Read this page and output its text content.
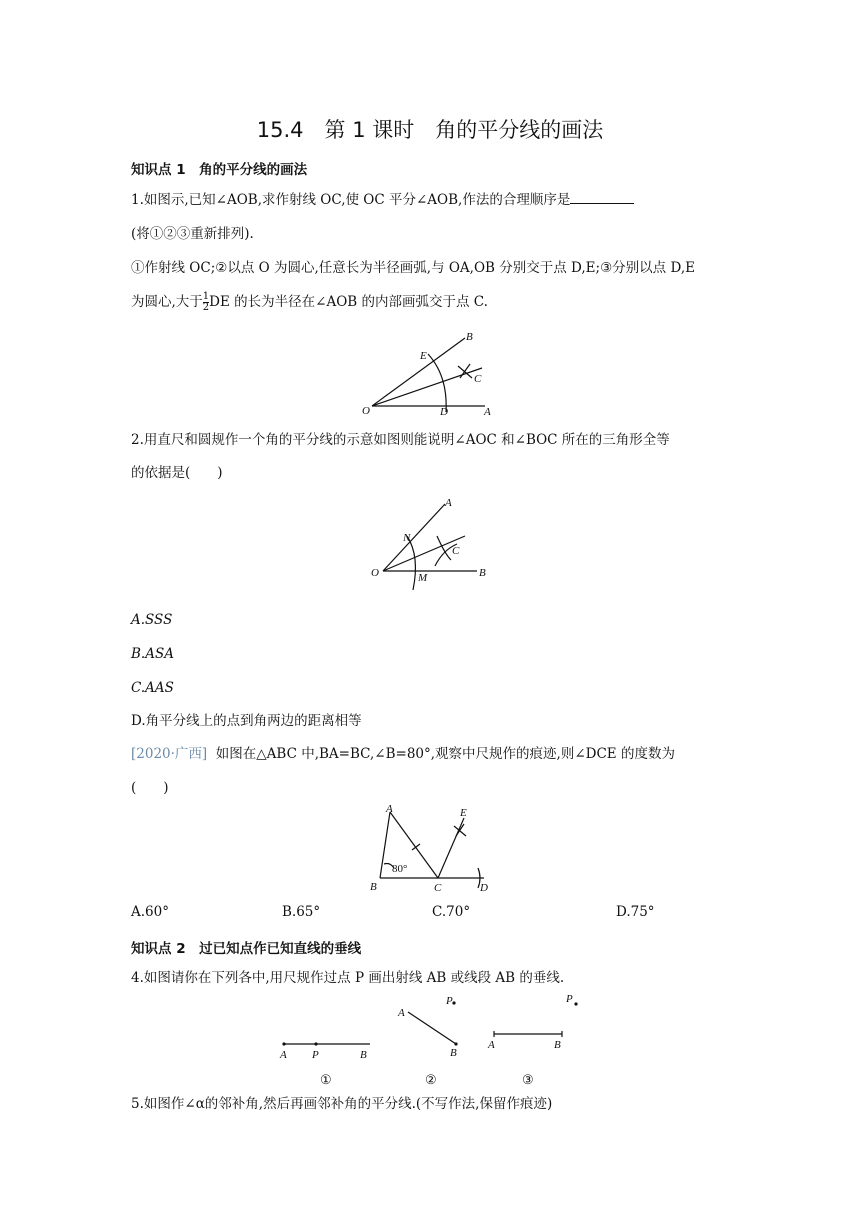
15.4　第 1 课时　角的平分线的画法
知识点 1　角的平分线的画法
1.如图示,已知∠AOB,求作射线 OC,使 OC 平分∠AOB,作法的合理顺序是
(将①②③重新排列).
①作射线 OC;②以点 O 为圆心,任意长为半径画弧,与 OA,OB 分别交于点 D,E;③分别以点 D,E
为圆心,大于 $\frac{1}{2}$ DE 的长为半径在∠AOB 的内部画弧交于点 C.
O	A
B
C
D
E
2.用直尺和圆规作一个角的平分线的示意如图则能说明∠AOC 和∠BOC 所在的三角形全等
的依据是(　　)
O	B
A
C
N
M
A.SSS
B.ASA
C.AAS
D.角平分线上的点到角两边的距离相等
[2020·广西] 如图在△ABC 中,BA=BC,∠B=80°,观察中尺规作的痕迹,则∠DCE 的度数为
(　　)
B
A
C	D
E
80°
A.60°	B.65°	C.70°	D.75°
知识点 2　过已知点作已知直线的垂线
4.如图请你在下列各中,用尺规作过点 P 画出射线 AB 或线段 AB 的垂线.
A P	B
①
A
P
B
②
A	B
P
③
5.如图作∠α的邻补角,然后再画邻补角的平分线.(不写作法,保留作痕迹)
